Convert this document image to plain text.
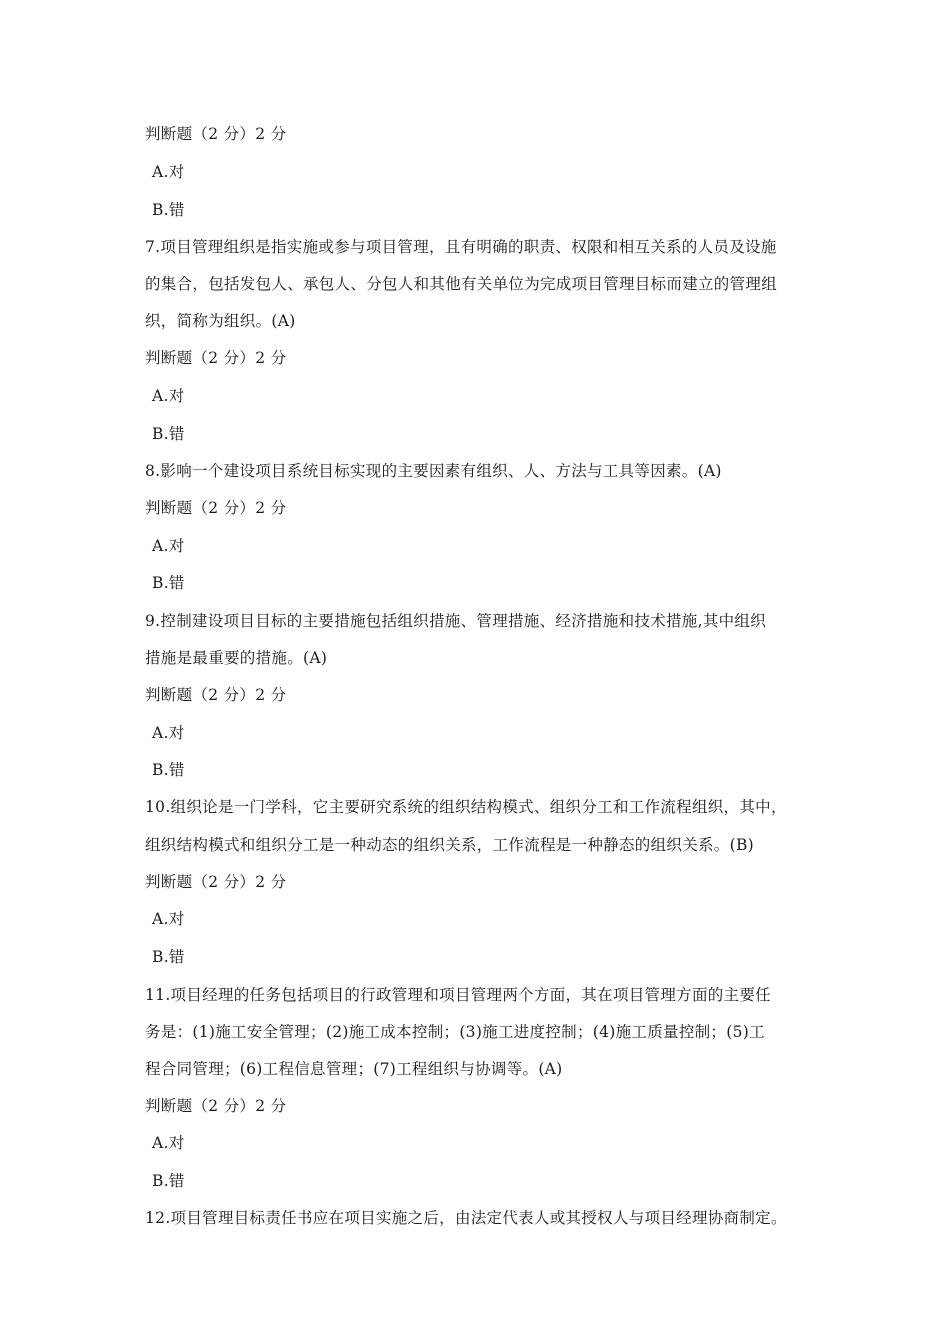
判断题（2 分）2 分
A.对
B.错
7.项目管理组织是指实施或参与项目管理，且有明确的职责、权限和相互关系的人员及设施
的集合，包括发包人、承包人、分包人和其他有关单位为完成项目管理目标而建立的管理组
织，简称为组织。(A)
判断题（2 分）2 分
A.对
B.错
8.影响一个建设项目系统目标实现的主要因素有组织、人、方法与工具等因素。(A)
判断题（2 分）2 分
A.对
B.错
9.控制建设项目目标的主要措施包括组织措施、管理措施、经济措施和技术措施,其中组织
措施是最重要的措施。(A)
判断题（2 分）2 分
A.对
B.错
10.组织论是一门学科，它主要研究系统的组织结构模式、组织分工和工作流程组织，其中，
组织结构模式和组织分工是一种动态的组织关系，工作流程是一种静态的组织关系。(B)
判断题（2 分）2 分
A.对
B.错
11.项目经理的任务包括项目的行政管理和项目管理两个方面，其在项目管理方面的主要任
务是：(1)施工安全管理；(2)施工成本控制；(3)施工进度控制；(4)施工质量控制；(5)工
程合同管理；(6)工程信息管理；(7)工程组织与协调等。(A)
判断题（2 分）2 分
A.对
B.错
12.项目管理目标责任书应在项目实施之后，由法定代表人或其授权人与项目经理协商制定。
